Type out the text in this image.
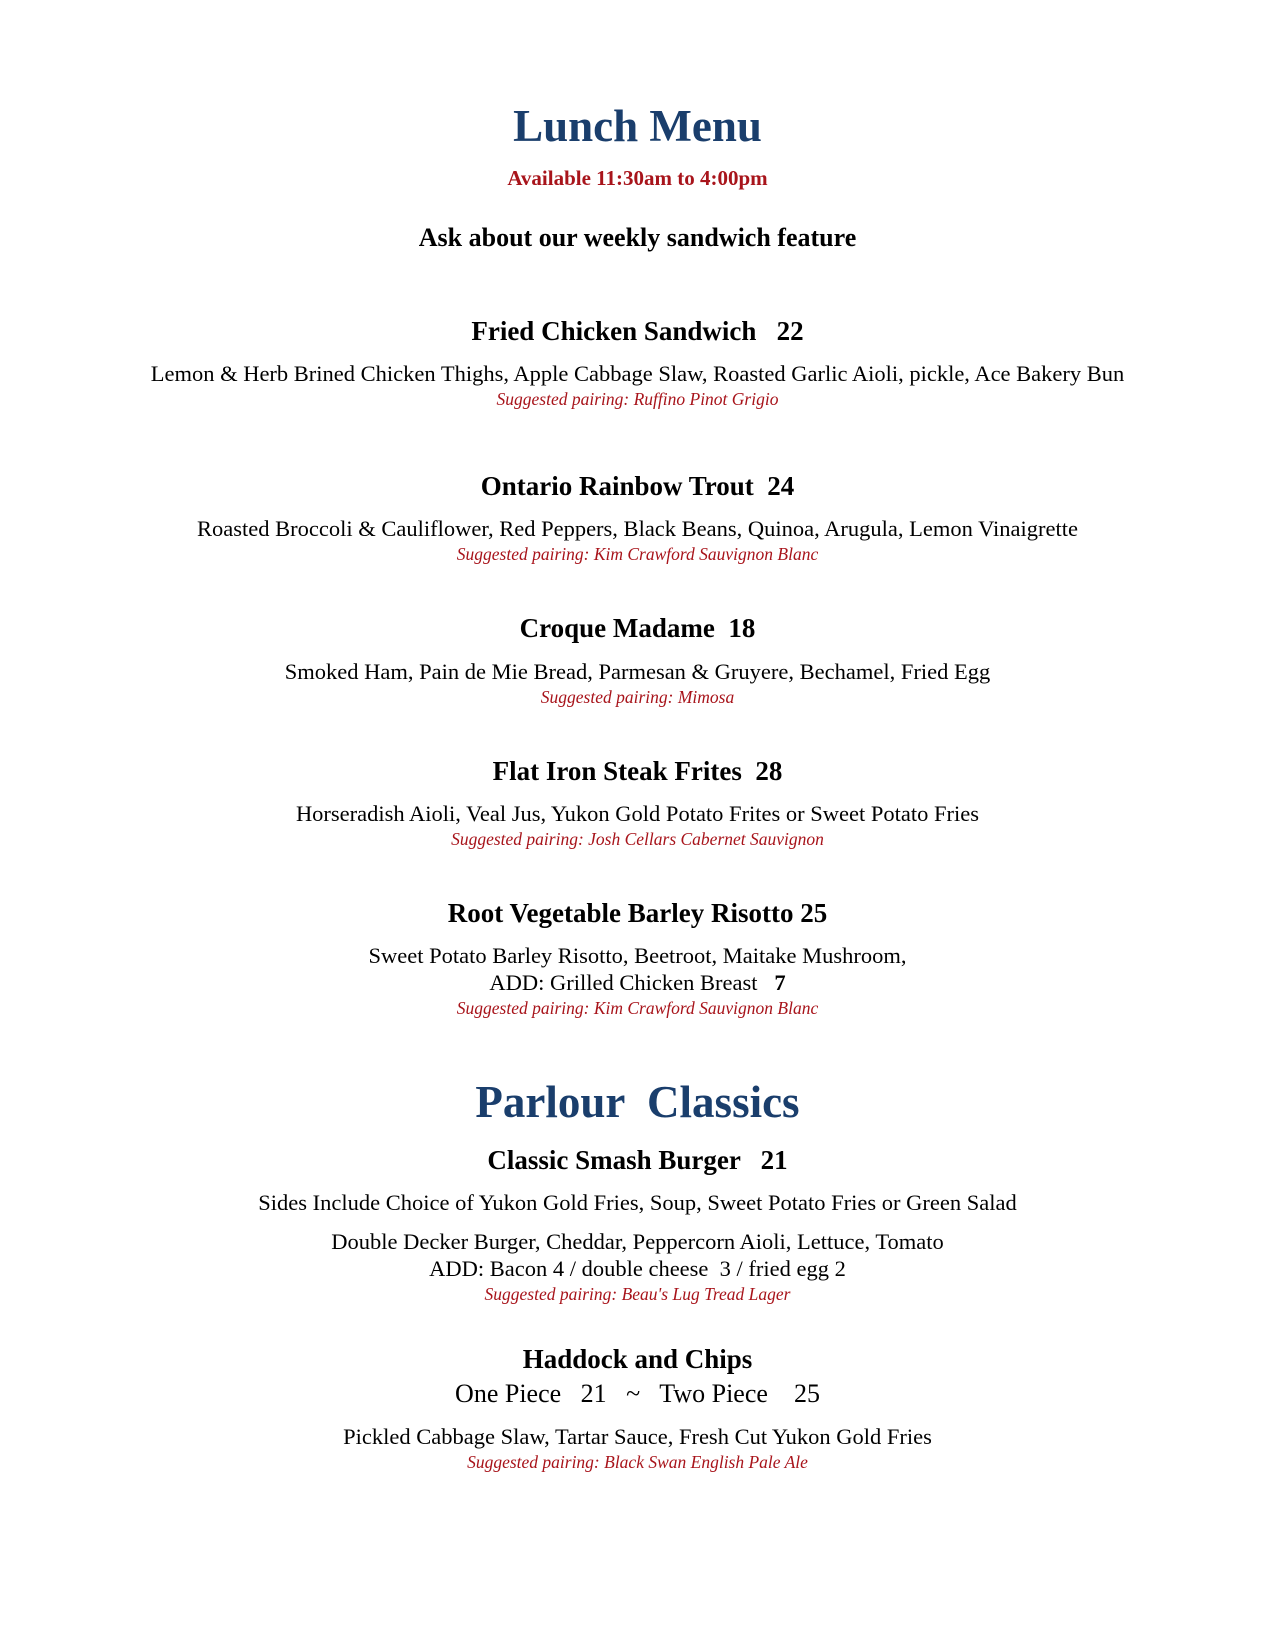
Lunch Menu
Available 11:30am to 4:00pm
Ask about our weekly sandwich feature
Fried Chicken Sandwich 22
Lemon & Herb Brined Chicken Thighs, Apple Cabbage Slaw, Roasted Garlic Aioli, pickle, Ace Bakery Bun
Suggested pairing: Ruffino Pinot Grigio
Ontario Rainbow Trout 24
Roasted Broccoli & Cauliflower, Red Peppers, Black Beans, Quinoa, Arugula, Lemon Vinaigrette
Suggested pairing: Kim Crawford Sauvignon Blanc
Croque Madame 18
Smoked Ham, Pain de Mie Bread, Parmesan & Gruyere, Bechamel, Fried Egg
Suggested pairing: Mimosa
Flat Iron Steak Frites 28
Horseradish Aioli, Veal Jus, Yukon Gold Potato Frites or Sweet Potato Fries
Suggested pairing: Josh Cellars Cabernet Sauvignon
Root Vegetable Barley Risotto 25
Sweet Potato Barley Risotto, Beetroot, Maitake Mushroom,
ADD: Grilled Chicken Breast 7
Suggested pairing: Kim Crawford Sauvignon Blanc
Parlour  Classics
Classic Smash Burger 21
Sides Include Choice of Yukon Gold Fries, Soup, Sweet Potato Fries or Green Salad
Double Decker Burger, Cheddar, Peppercorn Aioli, Lettuce, Tomato
ADD: Bacon 4 / double cheese  3 / fried egg 2
Suggested pairing: Beau's Lug Tread Lager
Haddock and Chips
One Piece 21 ~ Two Piece 25
Pickled Cabbage Slaw, Tartar Sauce, Fresh Cut Yukon Gold Fries
Suggested pairing: Black Swan English Pale Ale
